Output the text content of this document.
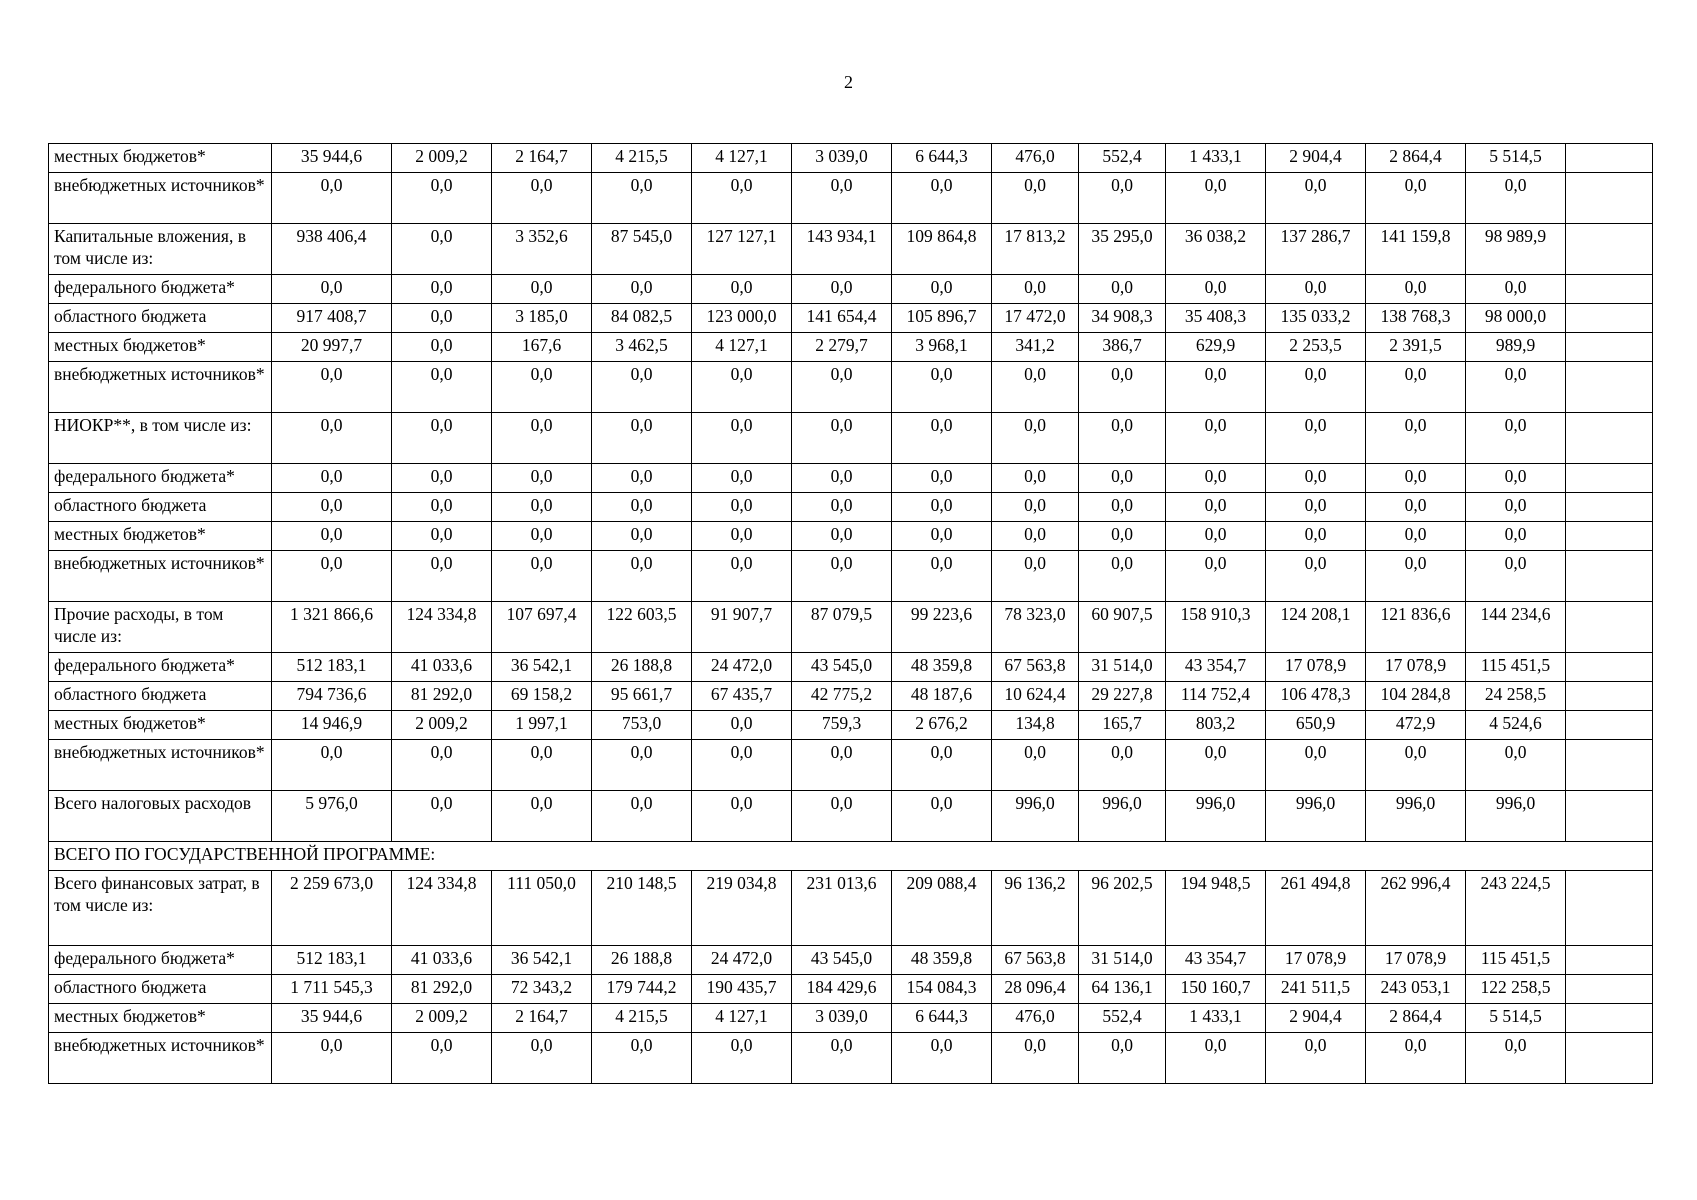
2
местных бюджетов*	35 944,6	2 009,2	2 164,7	4 215,5	4 127,1	3 039,0	6 644,3	476,0	552,4	1 433,1	2 904,4	2 864,4	5 514,5	
внебюджетных источников*	0,0	0,0	0,0	0,0	0,0	0,0	0,0	0,0	0,0	0,0	0,0	0,0	0,0	
Капитальные вложения, в том числе из:	938 406,4	0,0	3 352,6	87 545,0	127 127,1	143 934,1	109 864,8	17 813,2	35 295,0	36 038,2	137 286,7	141 159,8	98 989,9	
федерального бюджета*	0,0	0,0	0,0	0,0	0,0	0,0	0,0	0,0	0,0	0,0	0,0	0,0	0,0	
областного бюджета	917 408,7	0,0	3 185,0	84 082,5	123 000,0	141 654,4	105 896,7	17 472,0	34 908,3	35 408,3	135 033,2	138 768,3	98 000,0	
местных бюджетов*	20 997,7	0,0	167,6	3 462,5	4 127,1	2 279,7	3 968,1	341,2	386,7	629,9	2 253,5	2 391,5	989,9	
внебюджетных источников*	0,0	0,0	0,0	0,0	0,0	0,0	0,0	0,0	0,0	0,0	0,0	0,0	0,0	
НИОКР**, в том числе из:	0,0	0,0	0,0	0,0	0,0	0,0	0,0	0,0	0,0	0,0	0,0	0,0	0,0	
федерального бюджета*	0,0	0,0	0,0	0,0	0,0	0,0	0,0	0,0	0,0	0,0	0,0	0,0	0,0	
областного бюджета	0,0	0,0	0,0	0,0	0,0	0,0	0,0	0,0	0,0	0,0	0,0	0,0	0,0	
местных бюджетов*	0,0	0,0	0,0	0,0	0,0	0,0	0,0	0,0	0,0	0,0	0,0	0,0	0,0	
внебюджетных источников*	0,0	0,0	0,0	0,0	0,0	0,0	0,0	0,0	0,0	0,0	0,0	0,0	0,0	
Прочие расходы, в том числе из:	1 321 866,6	124 334,8	107 697,4	122 603,5	91 907,7	87 079,5	99 223,6	78 323,0	60 907,5	158 910,3	124 208,1	121 836,6	144 234,6	
федерального бюджета*	512 183,1	41 033,6	36 542,1	26 188,8	24 472,0	43 545,0	48 359,8	67 563,8	31 514,0	43 354,7	17 078,9	17 078,9	115 451,5	
областного бюджета	794 736,6	81 292,0	69 158,2	95 661,7	67 435,7	42 775,2	48 187,6	10 624,4	29 227,8	114 752,4	106 478,3	104 284,8	24 258,5	
местных бюджетов*	14 946,9	2 009,2	1 997,1	753,0	0,0	759,3	2 676,2	134,8	165,7	803,2	650,9	472,9	4 524,6	
внебюджетных источников*	0,0	0,0	0,0	0,0	0,0	0,0	0,0	0,0	0,0	0,0	0,0	0,0	0,0	
Всего налоговых расходов	5 976,0	0,0	0,0	0,0	0,0	0,0	0,0	996,0	996,0	996,0	996,0	996,0	996,0	
ВСЕГО ПО ГОСУДАРСТВЕННОЙ ПРОГРАММЕ:														
Всего финансовых затрат, в том числе из:	2 259 673,0	124 334,8	111 050,0	210 148,5	219 034,8	231 013,6	209 088,4	96 136,2	96 202,5	194 948,5	261 494,8	262 996,4	243 224,5	
федерального бюджета*	512 183,1	41 033,6	36 542,1	26 188,8	24 472,0	43 545,0	48 359,8	67 563,8	31 514,0	43 354,7	17 078,9	17 078,9	115 451,5	
областного бюджета	1 711 545,3	81 292,0	72 343,2	179 744,2	190 435,7	184 429,6	154 084,3	28 096,4	64 136,1	150 160,7	241 511,5	243 053,1	122 258,5	
местных бюджетов*	35 944,6	2 009,2	2 164,7	4 215,5	4 127,1	3 039,0	6 644,3	476,0	552,4	1 433,1	2 904,4	2 864,4	5 514,5	
внебюджетных источников*	0,0	0,0	0,0	0,0	0,0	0,0	0,0	0,0	0,0	0,0	0,0	0,0	0,0	
